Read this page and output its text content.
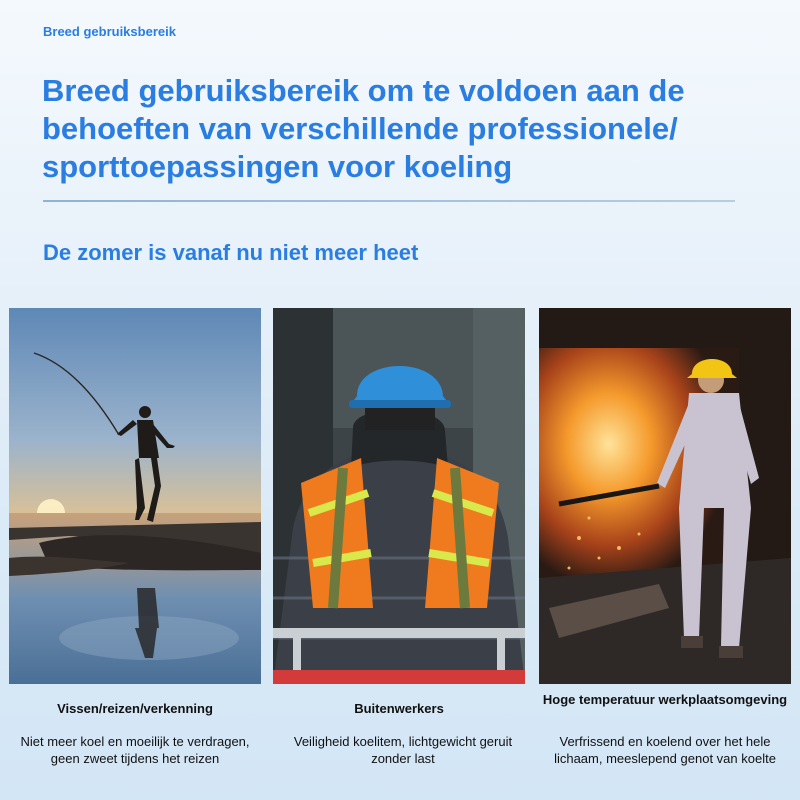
Breed gebruiksbereik
Breed gebruiksbereik om te voldoen aan de behoeften van verschillende professionele/ sporttoepassingen voor koeling
De zomer is vanaf nu niet meer heet
Vissen/reizen/verkenning
Niet meer koel en moeilijk te verdragen, geen zweet tijdens het reizen
Buitenwerkers
Veiligheid koelitem, lichtgewicht geruit zonder last
Hoge temperatuur werkplaatsomgeving
Verfrissend en koelend over het hele lichaam, meeslepend genot van koelte
